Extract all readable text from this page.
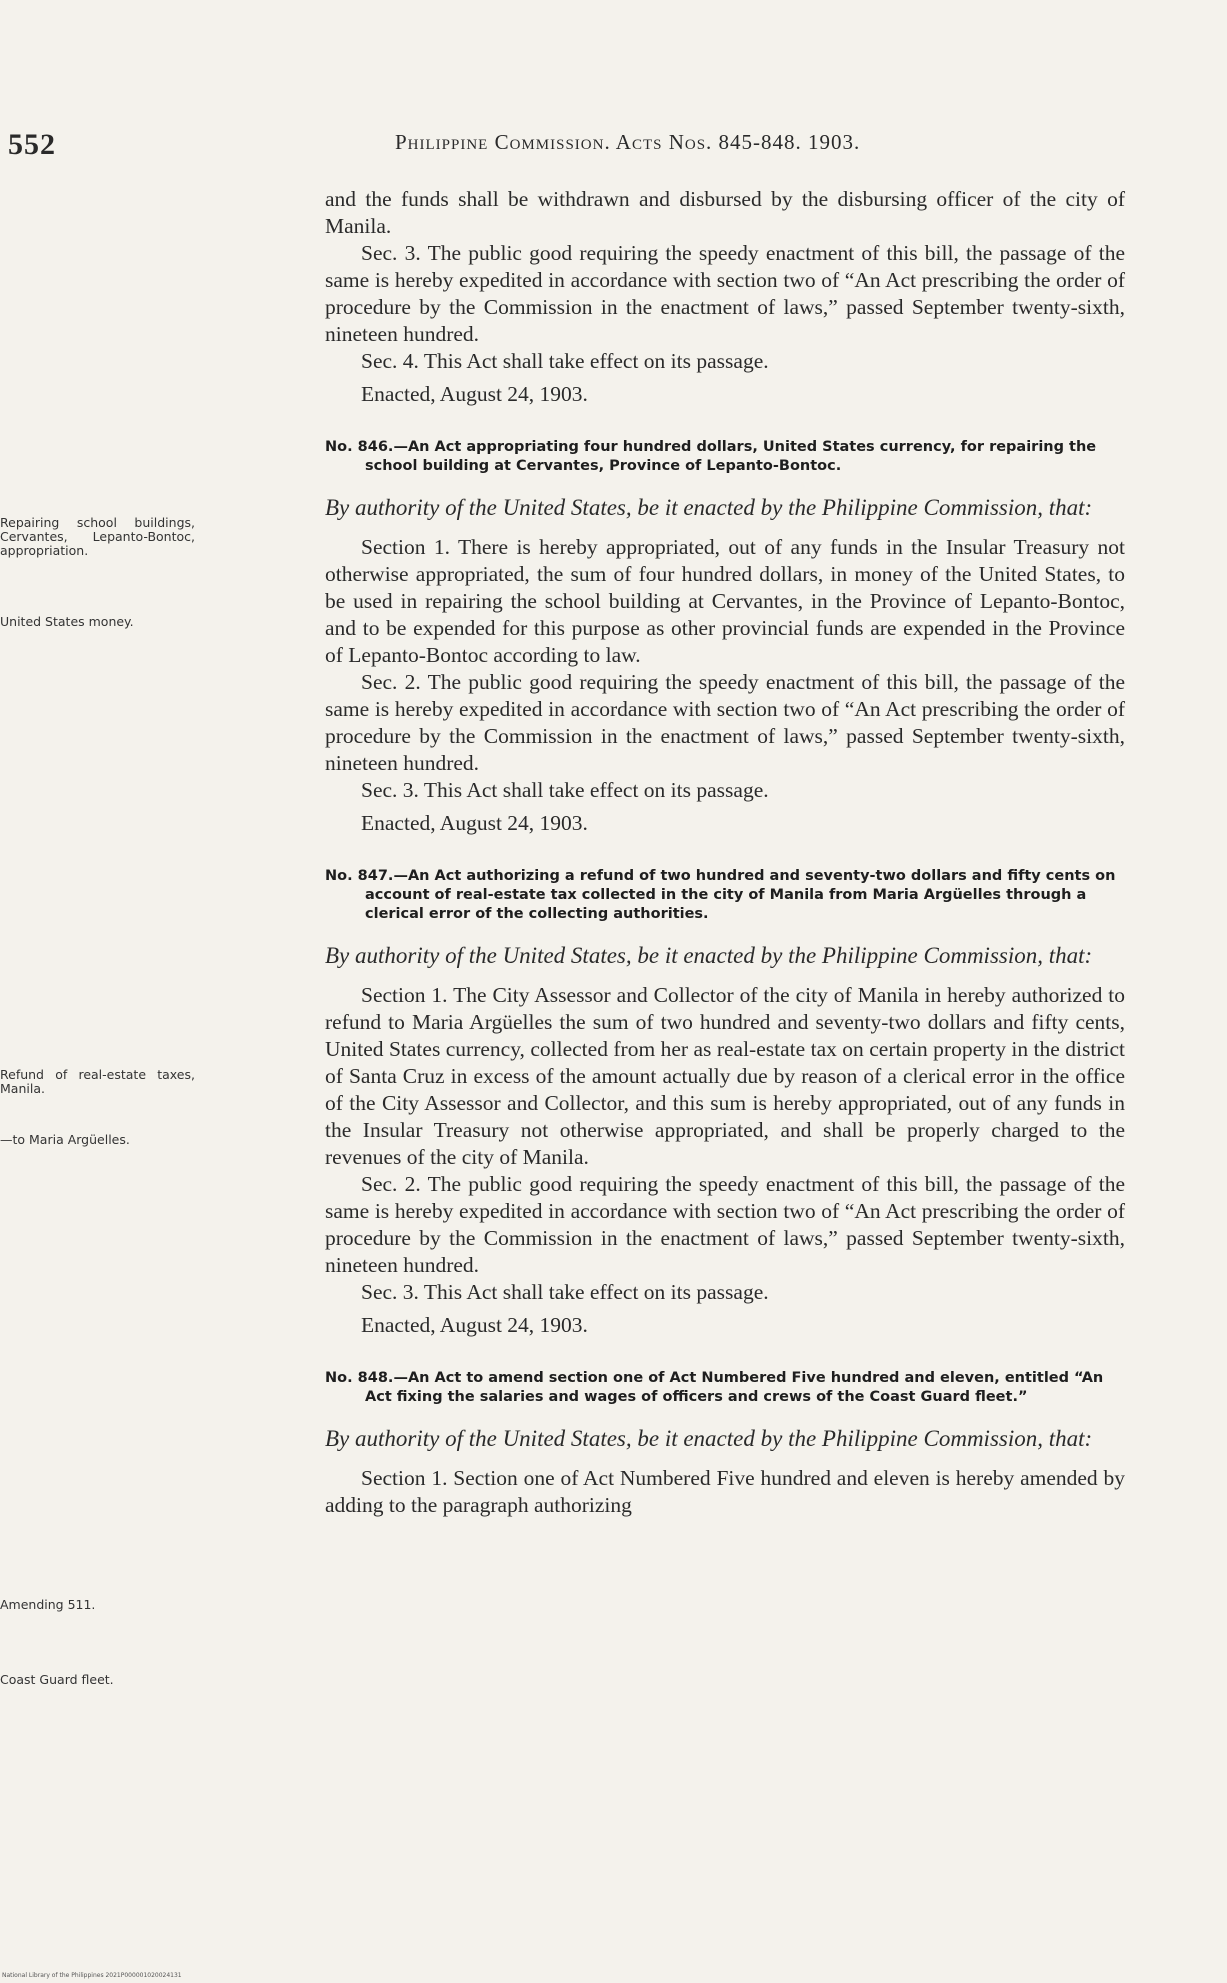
552	Philippine Commission. Acts Nos. 845-848. 1903.
Repairing school buildings, Cervantes, Lepanto-Bontoc, appropriation.
United States money.
Refund of real-estate taxes, Manila.
—to Maria Argüelles.
Amending 511.
Coast Guard fleet.

and the funds shall be withdrawn and disbursed by the disbursing officer of the city of Manila.

Sec. 3. The public good requiring the speedy enactment of this bill, the passage of the same is hereby expedited in accordance with section two of “An Act prescribing the order of procedure by the Commission in the enactment of laws,” passed September twenty-sixth, nineteen hundred.

Sec. 4. This Act shall take effect on its passage.

Enacted, August 24, 1903.

No. 846.—An Act appropriating four hundred dollars, United States currency, for repairing the school building at Cervantes, Province of Lepanto-Bontoc.
By authority of the United States, be it enacted by the Philippine Commission, that:

Section 1. There is hereby appropriated, out of any funds in the Insular Treasury not otherwise appropriated, the sum of four hundred dollars, in money of the United States, to be used in repairing the school building at Cervantes, in the Province of Lepanto-Bontoc, and to be expended for this purpose as other provincial funds are expended in the Province of Lepanto-Bontoc according to law.

Sec. 2. The public good requiring the speedy enactment of this bill, the passage of the same is hereby expedited in accordance with section two of “An Act prescribing the order of procedure by the Commission in the enactment of laws,” passed September twenty-sixth, nineteen hundred.

Sec. 3. This Act shall take effect on its passage.

Enacted, August 24, 1903.

No. 847.—An Act authorizing a refund of two hundred and seventy-two dollars and fifty cents on account of real-estate tax collected in the city of Manila from Maria Argüelles through a clerical error of the collecting authorities.
By authority of the United States, be it enacted by the Philippine Commission, that:

Section 1. The City Assessor and Collector of the city of Manila in hereby authorized to refund to Maria Argüelles the sum of two hundred and seventy-two dollars and fifty cents, United States currency, collected from her as real-estate tax on certain property in the district of Santa Cruz in excess of the amount actually due by reason of a clerical error in the office of the City Assessor and Collector, and this sum is hereby appropriated, out of any funds in the Insular Treasury not otherwise appropriated, and shall be properly charged to the revenues of the city of Manila.

Sec. 2. The public good requiring the speedy enactment of this bill, the passage of the same is hereby expedited in accordance with section two of “An Act prescribing the order of procedure by the Commission in the enactment of laws,” passed September twenty-sixth, nineteen hundred.

Sec. 3. This Act shall take effect on its passage.

Enacted, August 24, 1903.

No. 848.—An Act to amend section one of Act Numbered Five hundred and eleven, entitled “An Act fixing the salaries and wages of officers and crews of the Coast Guard fleet.”
By authority of the United States, be it enacted by the Philippine Commission, that:

Section 1. Section one of Act Numbered Five hundred and eleven is hereby amended by adding to the paragraph authorizing

National Library of the Philippines 2021P000001020024131
